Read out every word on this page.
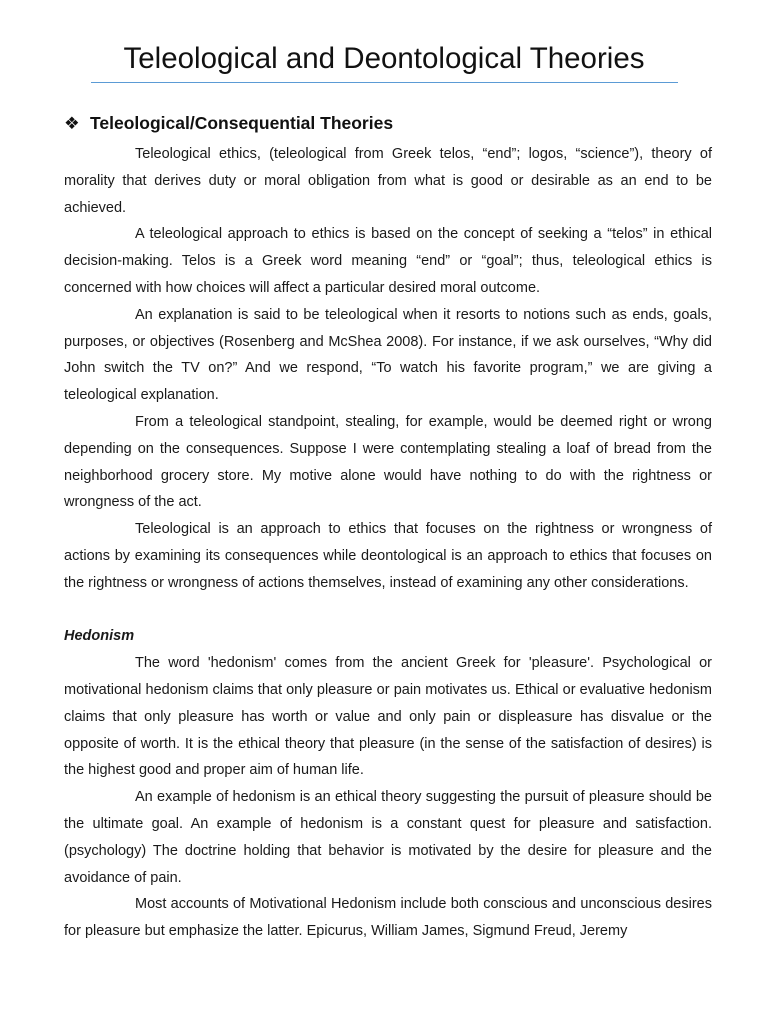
Teleological and Deontological Theories
❖ Teleological/Consequential Theories

Teleological ethics, (teleological from Greek telos, “end”; logos, “science”), theory of morality that derives duty or moral obligation from what is good or desirable as an end to be achieved.

A teleological approach to ethics is based on the concept of seeking a “telos” in ethical decision-making. Telos is a Greek word meaning “end” or “goal”; thus, teleological ethics is concerned with how choices will affect a particular desired moral outcome.

An explanation is said to be teleological when it resorts to notions such as ends, goals, purposes, or objectives (Rosenberg and McShea 2008). For instance, if we ask ourselves, “Why did John switch the TV on?” And we respond, “To watch his favorite program,” we are giving a teleological explanation.

From a teleological standpoint, stealing, for example, would be deemed right or wrong depending on the consequences. Suppose I were contemplating stealing a loaf of bread from the neighborhood grocery store. My motive alone would have nothing to do with the rightness or wrongness of the act.

Teleological is an approach to ethics that focuses on the rightness or wrongness of actions by examining its consequences while deontological is an approach to ethics that focuses on the rightness or wrongness of actions themselves, instead of examining any other considerations.

Hedonism

The word 'hedonism' comes from the ancient Greek for 'pleasure'. Psychological or motivational hedonism claims that only pleasure or pain motivates us. Ethical or evaluative hedonism claims that only pleasure has worth or value and only pain or displeasure has disvalue or the opposite of worth. It is the ethical theory that pleasure (in the sense of the satisfaction of desires) is the highest good and proper aim of human life.

An example of hedonism is an ethical theory suggesting the pursuit of pleasure should be the ultimate goal. An example of hedonism is a constant quest for pleasure and satisfaction. (psychology) The doctrine holding that behavior is motivated by the desire for pleasure and the avoidance of pain.

Most accounts of Motivational Hedonism include both conscious and unconscious desires for pleasure but emphasize the latter. Epicurus, William James, Sigmund Freud, Jeremy
